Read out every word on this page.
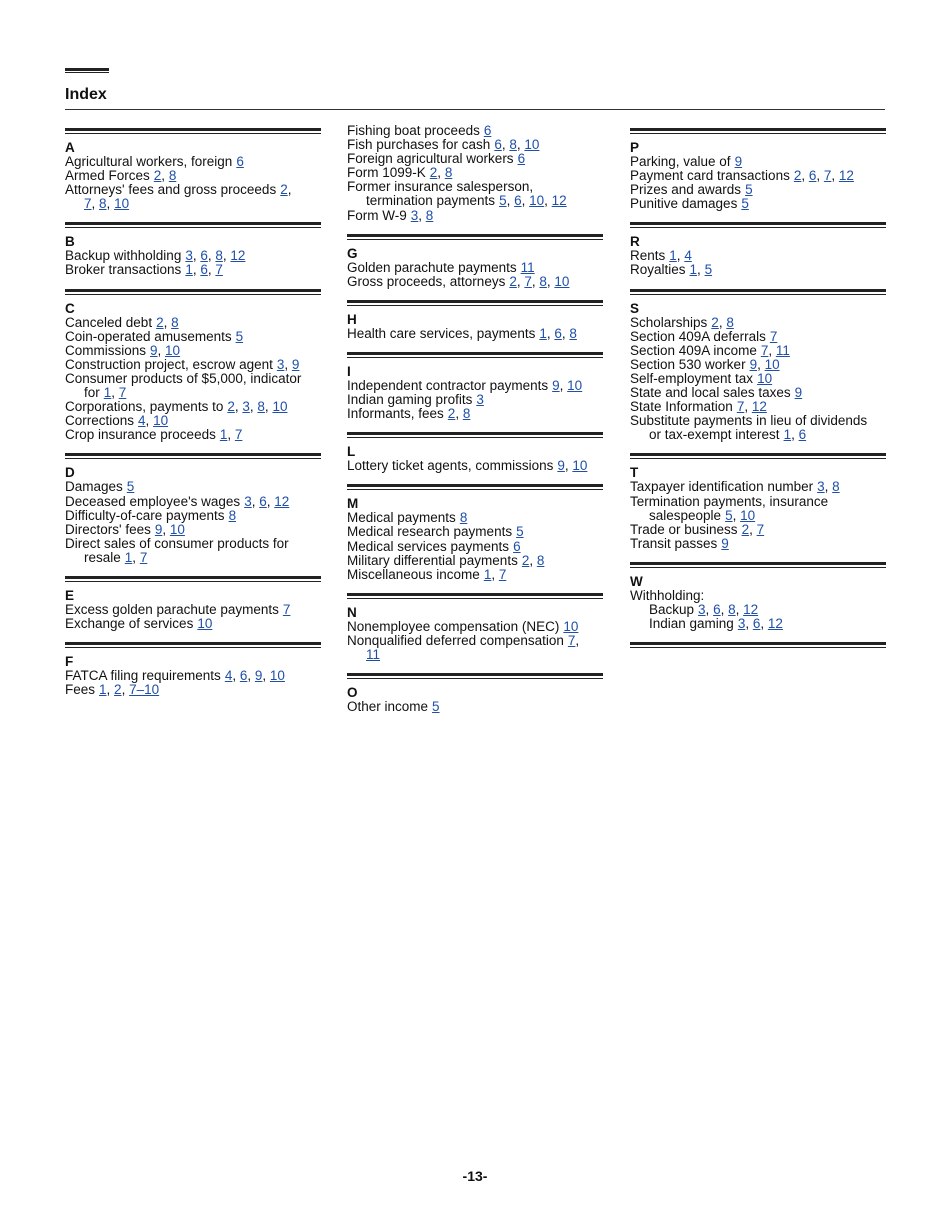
Index
A
Agricultural workers, foreign 6
Armed Forces 2, 8
Attorneys' fees and gross proceeds 2,
7, 8, 10
B
Backup withholding 3, 6, 8, 12
Broker transactions 1, 6, 7
C
Canceled debt 2, 8
Coin-operated amusements 5
Commissions 9, 10
Construction project, escrow agent 3, 9
Consumer products of $5,000, indicator
for 1, 7
Corporations, payments to 2, 3, 8, 10
Corrections 4, 10
Crop insurance proceeds 1, 7
D
Damages 5
Deceased employee's wages 3, 6, 12
Difficulty-of-care payments 8
Directors' fees 9, 10
Direct sales of consumer products for
resale 1, 7
E
Excess golden parachute payments 7
Exchange of services 10
F
FATCA filing requirements 4, 6, 9, 10
Fees 1, 2, 7–10
Fishing boat proceeds 6
Fish purchases for cash 6, 8, 10
Foreign agricultural workers 6
Form 1099-K 2, 8
Former insurance salesperson,
termination payments 5, 6, 10, 12
Form W-9 3, 8
G
Golden parachute payments 11
Gross proceeds, attorneys 2, 7, 8, 10
H
Health care services, payments 1, 6, 8
I
Independent contractor payments 9, 10
Indian gaming profits 3
Informants, fees 2, 8
L
Lottery ticket agents, commissions 9, 10
M
Medical payments 8
Medical research payments 5
Medical services payments 6
Military differential payments 2, 8
Miscellaneous income 1, 7
N
Nonemployee compensation (NEC) 10
Nonqualified deferred compensation 7,
11
O
Other income 5
P
Parking, value of 9
Payment card transactions 2, 6, 7, 12
Prizes and awards 5
Punitive damages 5
R
Rents 1, 4
Royalties 1, 5
S
Scholarships 2, 8
Section 409A deferrals 7
Section 409A income 7, 11
Section 530 worker 9, 10
Self-employment tax 10
State and local sales taxes 9
State Information 7, 12
Substitute payments in lieu of dividends
or tax-exempt interest 1, 6
T
Taxpayer identification number 3, 8
Termination payments, insurance
salespeople 5, 10
Trade or business 2, 7
Transit passes 9
W
Withholding:
Backup 3, 6, 8, 12
Indian gaming 3, 6, 12
-13-
